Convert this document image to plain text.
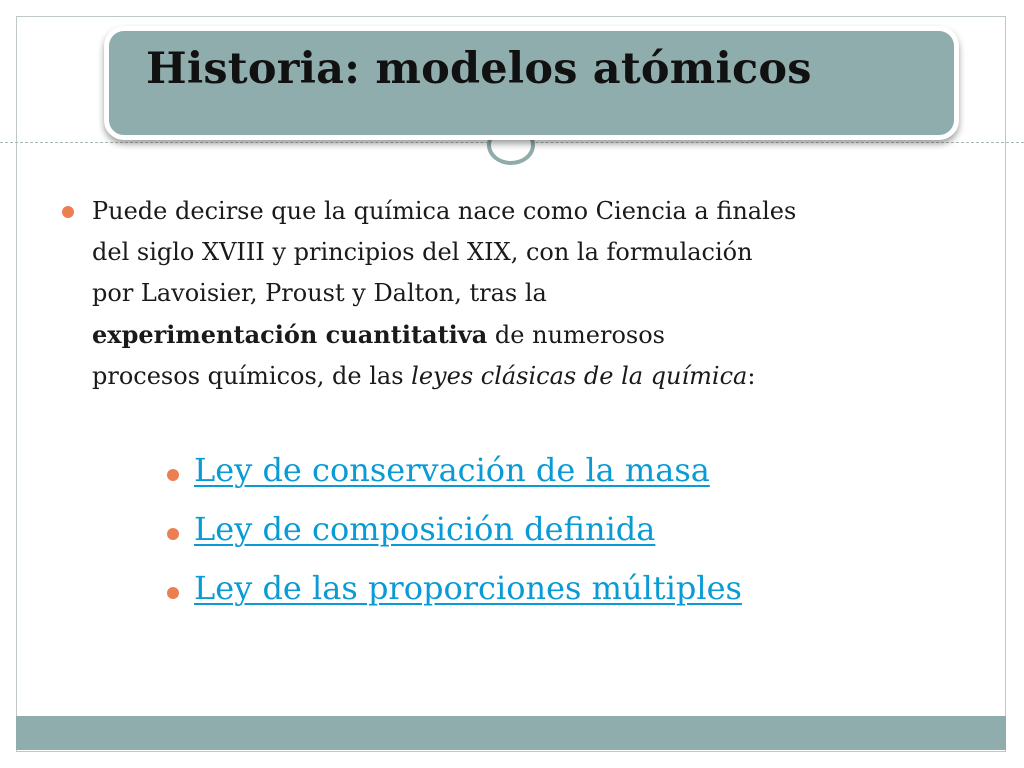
Historia: modelos atómicos
Puede decirse que la química nace como Ciencia a finales
del siglo XVIII y principios del XIX, con la formulación
por Lavoisier, Proust y Dalton, tras la
experimentación cuantitativa de numerosos
procesos químicos, de las leyes clásicas de la química:
Ley de conservación de la masa
Ley de composición definida
Ley de las proporciones múltiples
